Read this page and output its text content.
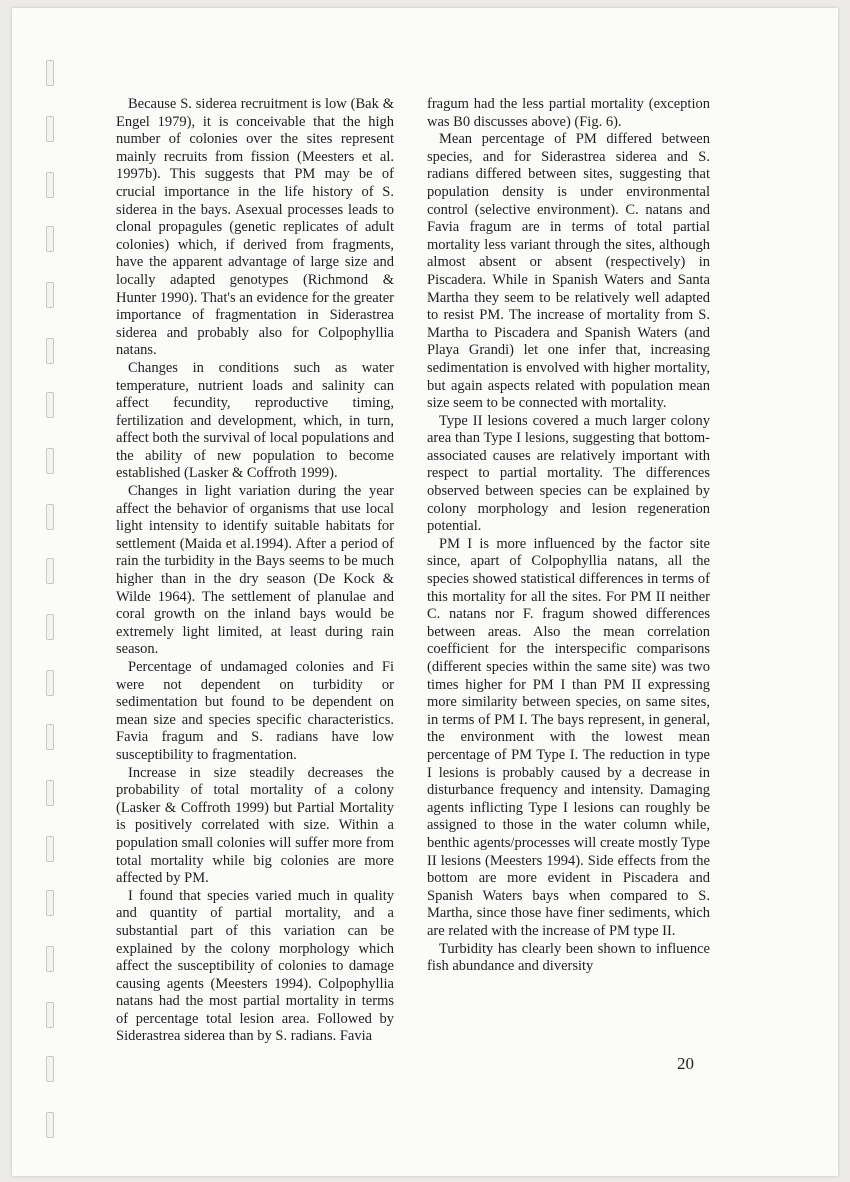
Because S. siderea recruitment is low (Bak & Engel 1979), it is conceivable that the high number of colonies over the sites represent mainly recruits from fission (Meesters et al. 1997b). This suggests that PM may be of crucial importance in the life history of S. siderea in the bays. Asexual processes leads to clonal propagules (genetic replicates of adult colonies) which, if derived from fragments, have the apparent advantage of large size and locally adapted genotypes (Richmond & Hunter 1990). That's an evidence for the greater importance of fragmentation in Siderastrea siderea and probably also for Colpophyllia natans.

Changes in conditions such as water temperature, nutrient loads and salinity can affect fecundity, reproductive timing, fertilization and development, which, in turn, affect both the survival of local populations and the ability of new population to become established (Lasker & Coffroth 1999).

Changes in light variation during the year affect the behavior of organisms that use local light intensity to identify suitable habitats for settlement (Maida et al.1994). After a period of rain the turbidity in the Bays seems to be much higher than in the dry season (De Kock & Wilde 1964). The settlement of planulae and coral growth on the inland bays would be extremely light limited, at least during rain season.

Percentage of undamaged colonies and Fi were not dependent on turbidity or sedimentation but found to be dependent on mean size and species specific characteristics. Favia fragum and S. radians have low susceptibility to fragmentation.

Increase in size steadily decreases the probability of total mortality of a colony (Lasker & Coffroth 1999) but Partial Mortality is positively correlated with size. Within a population small colonies will suffer more from total mortality while big colonies are more affected by PM.

I found that species varied much in quality and quantity of partial mortality, and a substantial part of this variation can be explained by the colony morphology which affect the susceptibility of colonies to damage causing agents (Meesters 1994). Colpophyllia natans had the most partial mortality in terms of percentage total lesion area. Followed by Siderastrea siderea than by S. radians. Favia

fragum had the less partial mortality (exception was B0 discusses above) (Fig. 6).

Mean percentage of PM differed between species, and for Siderastrea siderea and S. radians differed between sites, suggesting that population density is under environmental control (selective environment). C. natans and Favia fragum are in terms of total partial mortality less variant through the sites, although almost absent or absent (respectively) in Piscadera. While in Spanish Waters and Santa Martha they seem to be relatively well adapted to resist PM. The increase of mortality from S. Martha to Piscadera and Spanish Waters (and Playa Grandi) let one infer that, increasing sedimentation is envolved with higher mortality, but again aspects related with population mean size seem to be connected with mortality.

Type II lesions covered a much larger colony area than Type I lesions, suggesting that bottom-associated causes are relatively important with respect to partial mortality. The differences observed between species can be explained by colony morphology and lesion regeneration potential.

PM I is more influenced by the factor site since, apart of Colpophyllia natans, all the species showed statistical differences in terms of this mortality for all the sites. For PM II neither C. natans nor F. fragum showed differences between areas. Also the mean correlation coefficient for the interspecific comparisons (different species within the same site) was two times higher for PM I than PM II expressing more similarity between species, on same sites, in terms of PM I. The bays represent, in general, the environment with the lowest mean percentage of PM Type I. The reduction in type I lesions is probably caused by a decrease in disturbance frequency and intensity. Damaging agents inflicting Type I lesions can roughly be assigned to those in the water column while, benthic agents/processes will create mostly Type II lesions (Meesters 1994). Side effects from the bottom are more evident in Piscadera and Spanish Waters bays when compared to S. Martha, since those have finer sediments, which are related with the increase of PM type II.

Turbidity has clearly been shown to influence fish abundance and diversity

20
